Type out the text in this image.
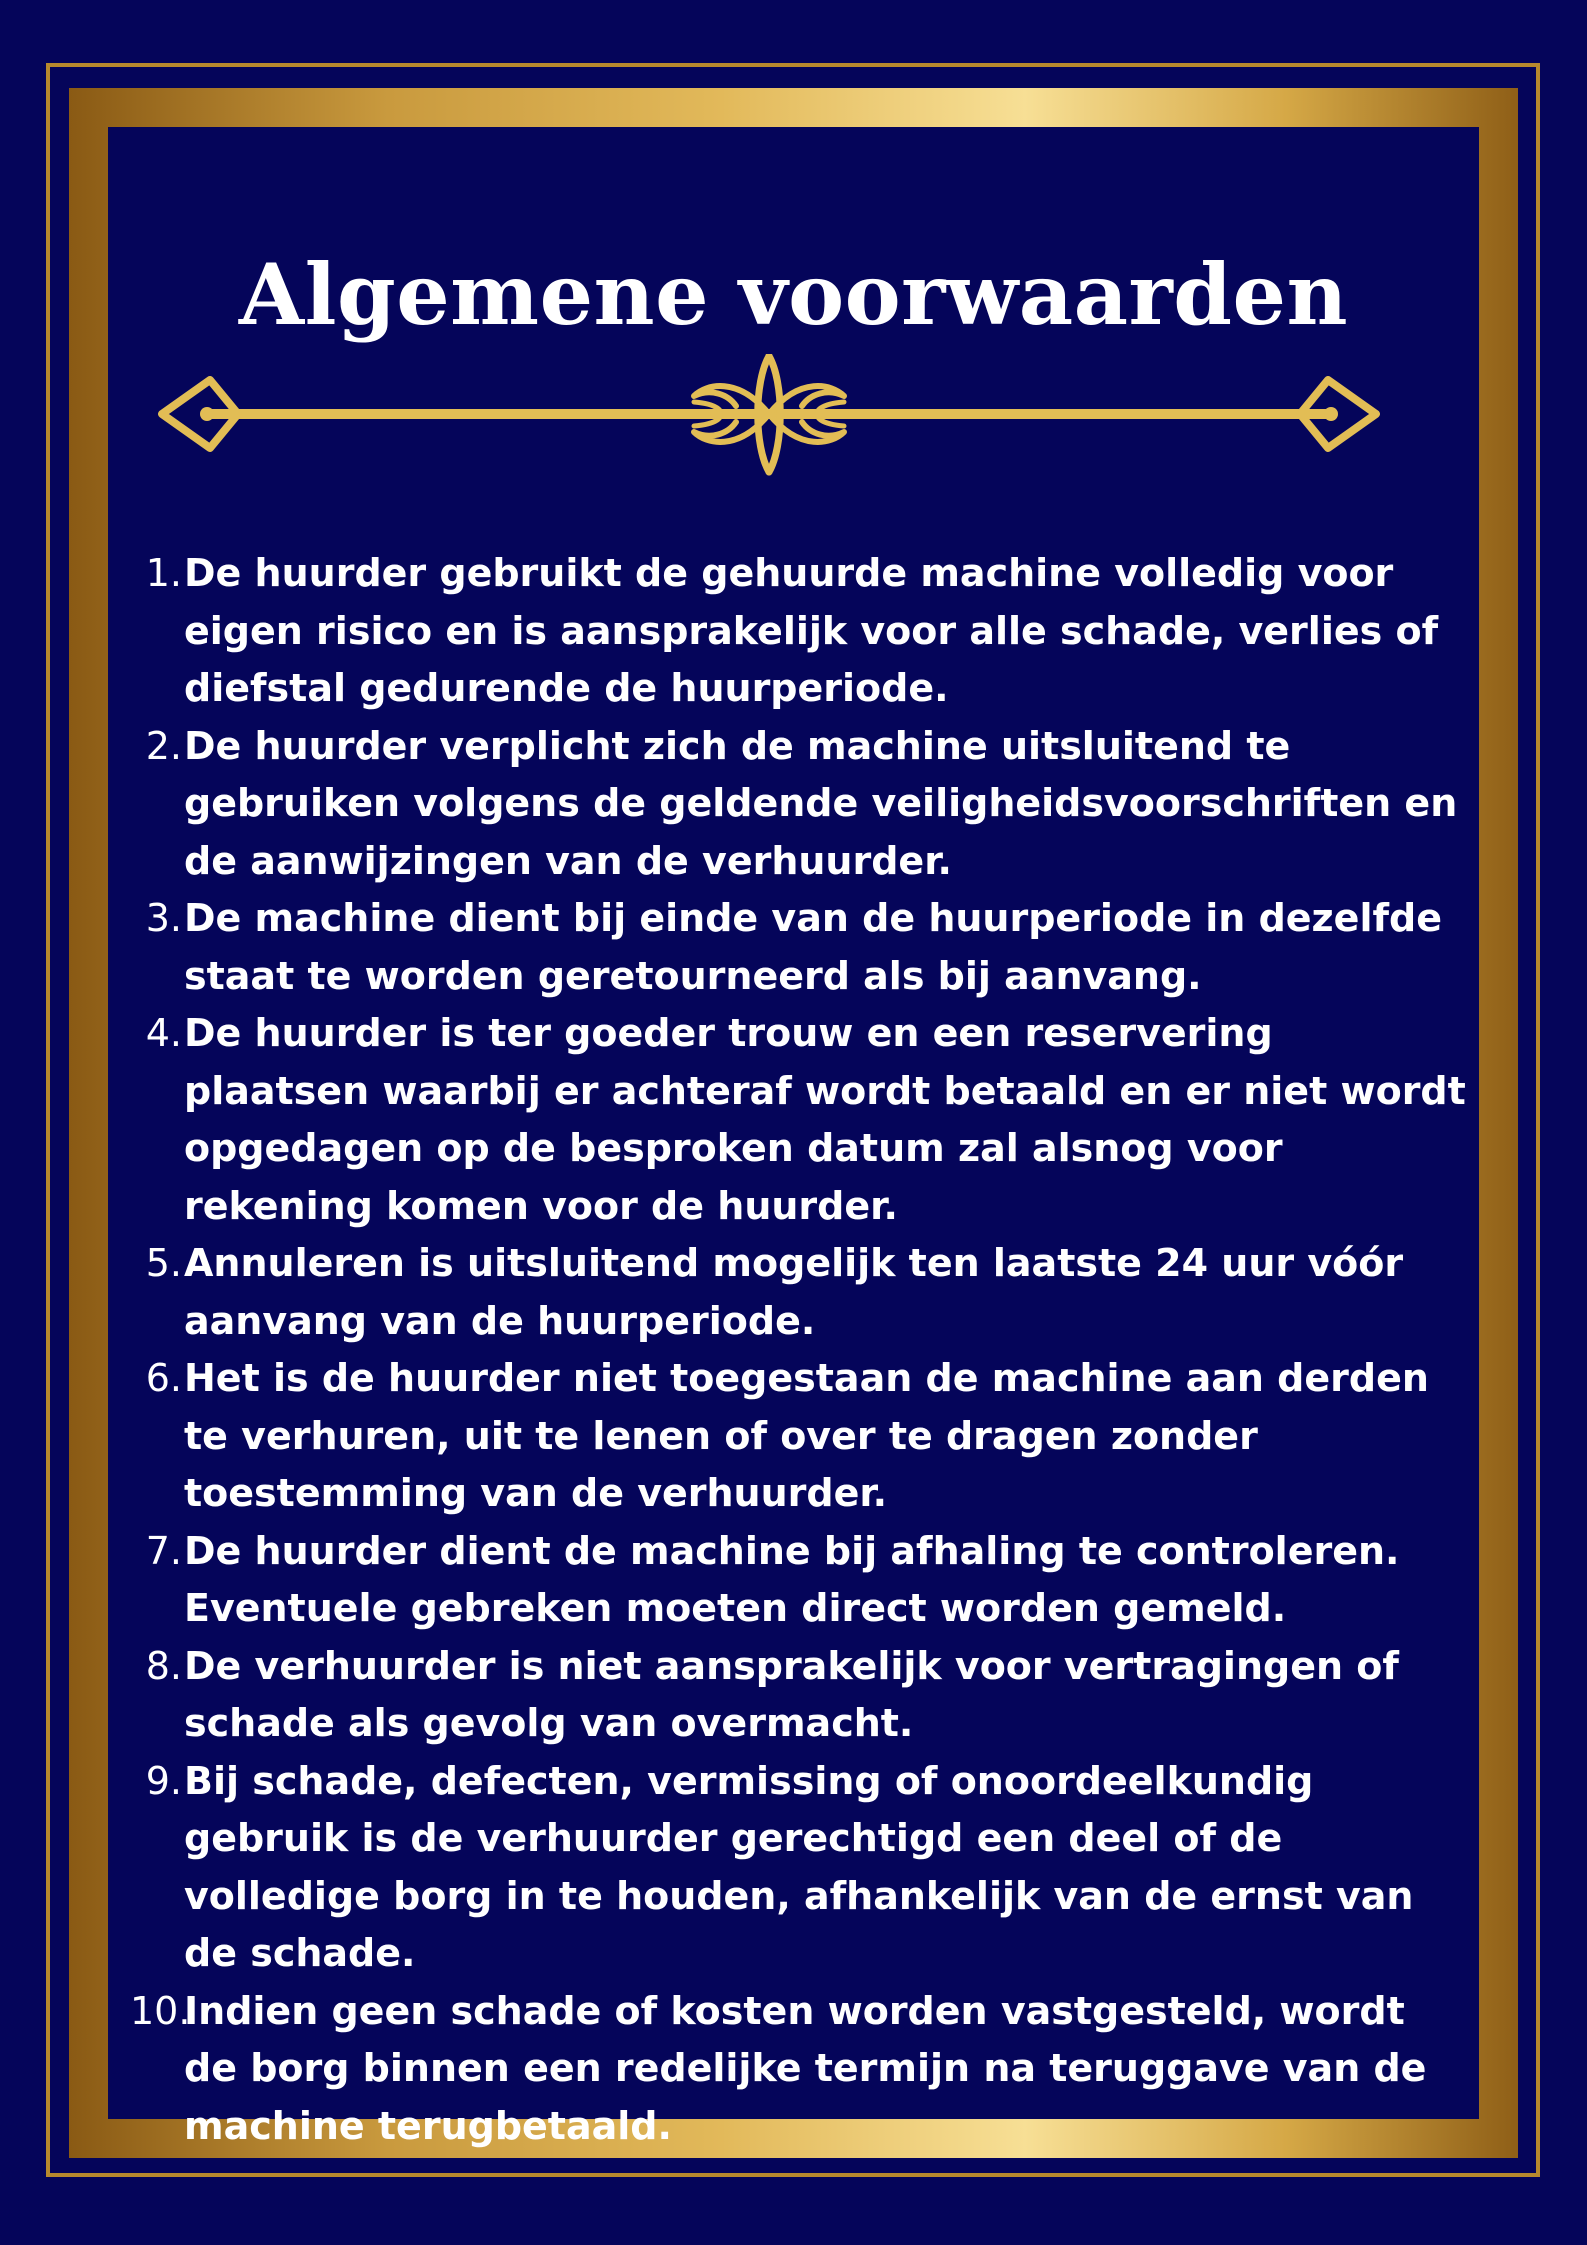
Algemene voorwaarden
1. De huurder gebruikt de gehuurde machine volledig voor eigen risico en is aansprakelijk voor alle schade, verlies of diefstal gedurende de huurperiode.
2. De huurder verplicht zich de machine uitsluitend te gebruiken volgens de geldende veiligheidsvoorschriften en de aanwijzingen van de verhuurder.
3. De machine dient bij einde van de huurperiode in dezelfde staat te worden geretourneerd als bij aanvang.
4. De huurder is ter goeder trouw en een reservering plaatsen waarbij er achteraf wordt betaald en er niet wordt opgedagen op de besproken datum zal alsnog voor rekening komen voor de huurder.
5. Annuleren is uitsluitend mogelijk ten laatste 24 uur vóór aanvang van de huurperiode.
6. Het is de huurder niet toegestaan de machine aan derden te verhuren, uit te lenen of over te dragen zonder toestemming van de verhuurder.
7. De huurder dient de machine bij afhaling te controleren. Eventuele gebreken moeten direct worden gemeld.
8. De verhuurder is niet aansprakelijk voor vertragingen of schade als gevolg van overmacht.
9. Bij schade, defecten, vermissing of onoordeelkundig gebruik is de verhuurder gerechtigd een deel of de volledige borg in te houden, afhankelijk van de ernst van de schade.
10.
Indien geen schade of kosten worden vastgesteld, wordt de borg binnen een redelijke termijn na teruggave van de machine terugbetaald.
